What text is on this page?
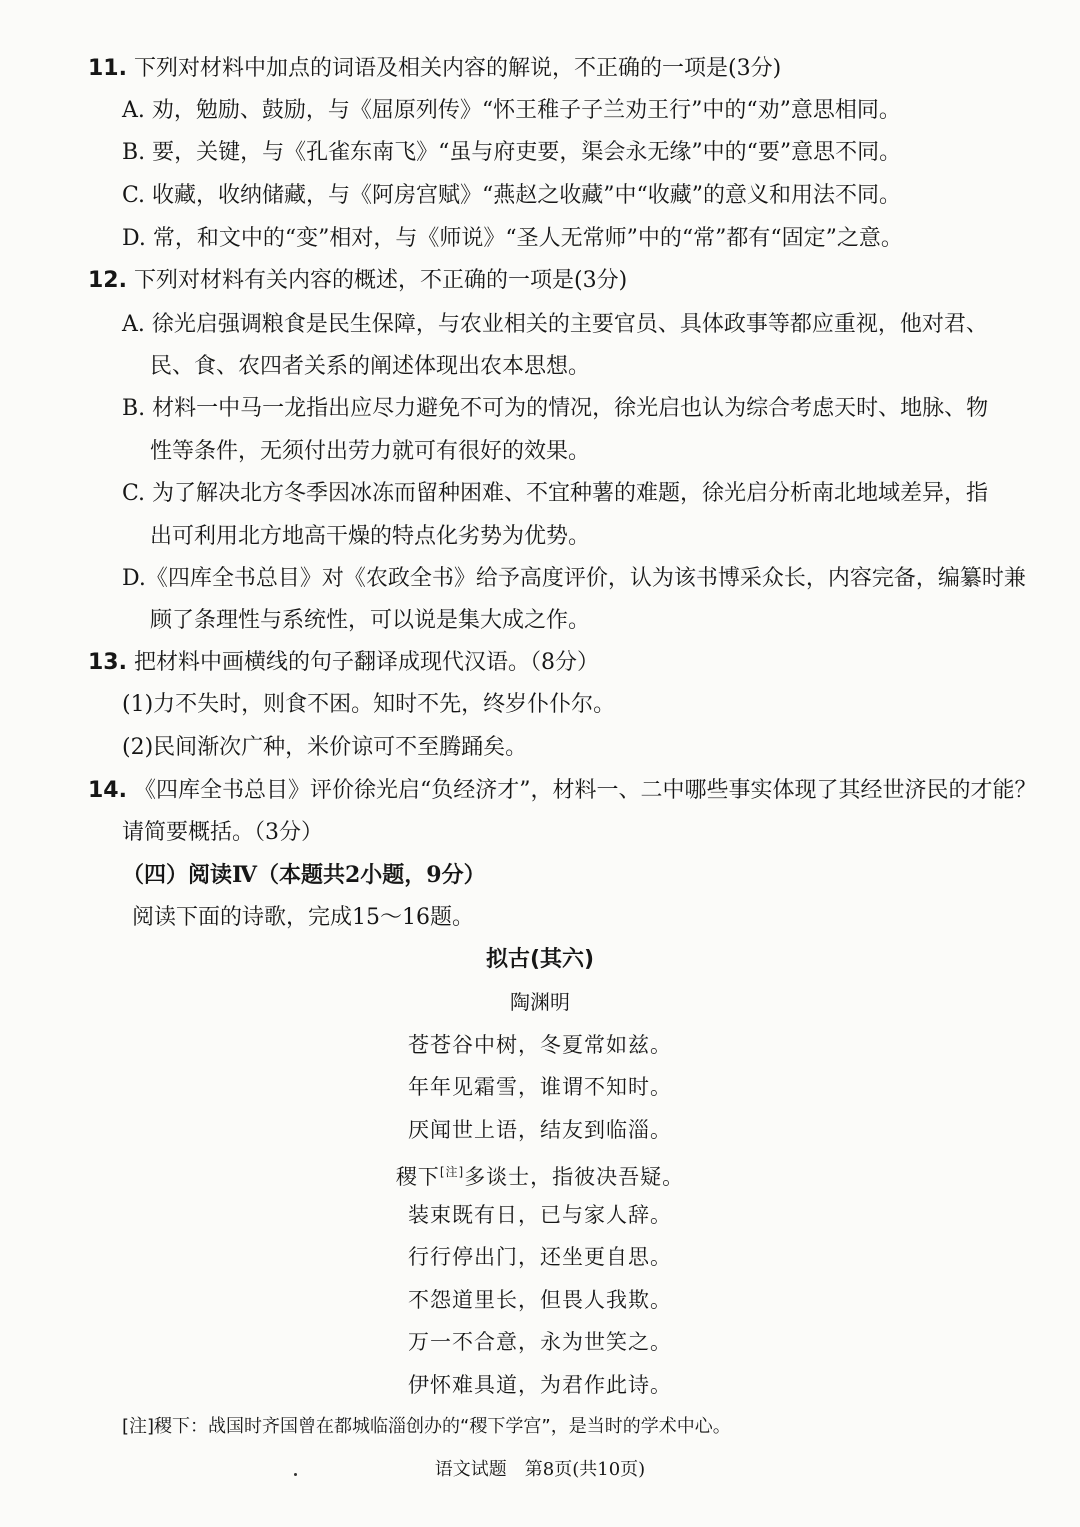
11. 下列对材料中加点的词语及相关内容的解说，不正确的一项是(3分)
A. 劝，勉励、鼓励，与《屈原列传》“怀王稚子子兰劝王行”中的“劝”意思相同。
B. 要，关键，与《孔雀东南飞》“虽与府吏要，渠会永无缘”中的“要”意思不同。
C. 收藏，收纳储藏，与《阿房宫赋》“燕赵之收藏”中“收藏”的意义和用法不同。
D. 常，和文中的“变”相对，与《师说》“圣人无常师”中的“常”都有“固定”之意。
12. 下列对材料有关内容的概述，不正确的一项是(3分)
A. 徐光启强调粮食是民生保障，与农业相关的主要官员、具体政事等都应重视，他对君、
民、食、农四者关系的阐述体现出农本思想。
B. 材料一中马一龙指出应尽力避免不可为的情况，徐光启也认为综合考虑天时、地脉、物
性等条件，无须付出劳力就可有很好的效果。
C. 为了解决北方冬季因冰冻而留种困难、不宜种薯的难题，徐光启分析南北地域差异，指
出可利用北方地高干燥的特点化劣势为优势。
D.《四库全书总目》对《农政全书》给予高度评价，认为该书博采众长，内容完备，编纂时兼
顾了条理性与系统性，可以说是集大成之作。
13. 把材料中画横线的句子翻译成现代汉语。（8分）
(1)力不失时，则食不困。知时不先，终岁仆仆尔。
(2)民间渐次广种，米价谅可不至腾踊矣。
14. 《四库全书总目》评价徐光启“负经济才”，材料一、二中哪些事实体现了其经世济民的才能？
请简要概括。（3分）
（四）阅读Ⅳ（本题共2小题，9分）
阅读下面的诗歌，完成15～16题。
拟古(其六)
陶渊明
苍苍谷中树，冬夏常如兹。
年年见霜雪，谁谓不知时。
厌闻世上语，结友到临淄。
稷下[注]多谈士，指彼决吾疑。
装束既有日，已与家人辞。
行行停出门，还坐更自思。
不怨道里长，但畏人我欺。
万一不合意，永为世笑之。
伊怀难具道，为君作此诗。
[注]稷下：战国时齐国曾在都城临淄创办的“稷下学宫”，是当时的学术中心。
语文试题　第8页(共10页)
